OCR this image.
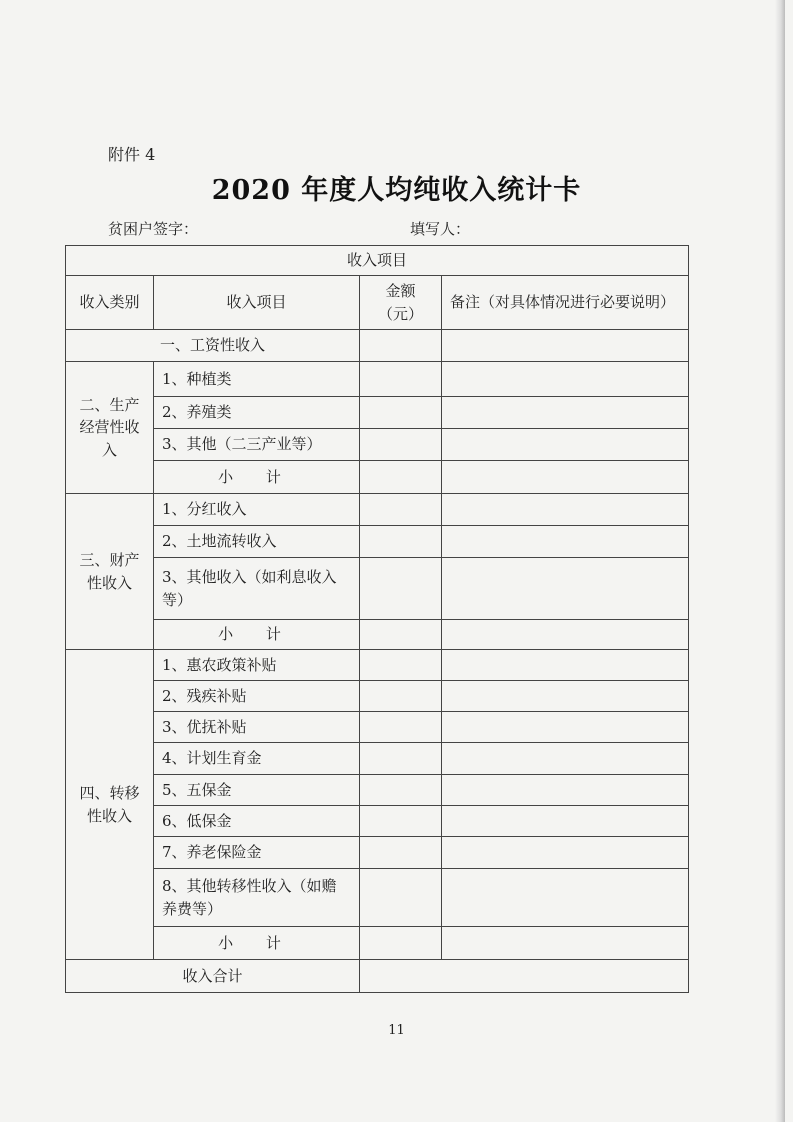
附件 4
2020 年度人均纯收入统计卡
贫困户签字：	填写人：
收入项目			
收入类别	收入项目	金额（元）	备注（对具体情况进行必要说明）
一、工资性收入			
二、生产经营性收入	1、种植类		
	2、养殖类		
	3、其他（二三产业等）		
	小 计		
三、财产性收入	1、分红收入		
	2、土地流转收入		
	3、其他收入（如利息收入等）		
	小 计		
四、转移性收入	1、惠农政策补贴		
	2、残疾补贴		
	3、优抚补贴		
	4、计划生育金		
	5、五保金		
	6、低保金		
	7、养老保险金		
	8、其他转移性收入（如赡养费等）		
	小 计		
收入合计			
11
